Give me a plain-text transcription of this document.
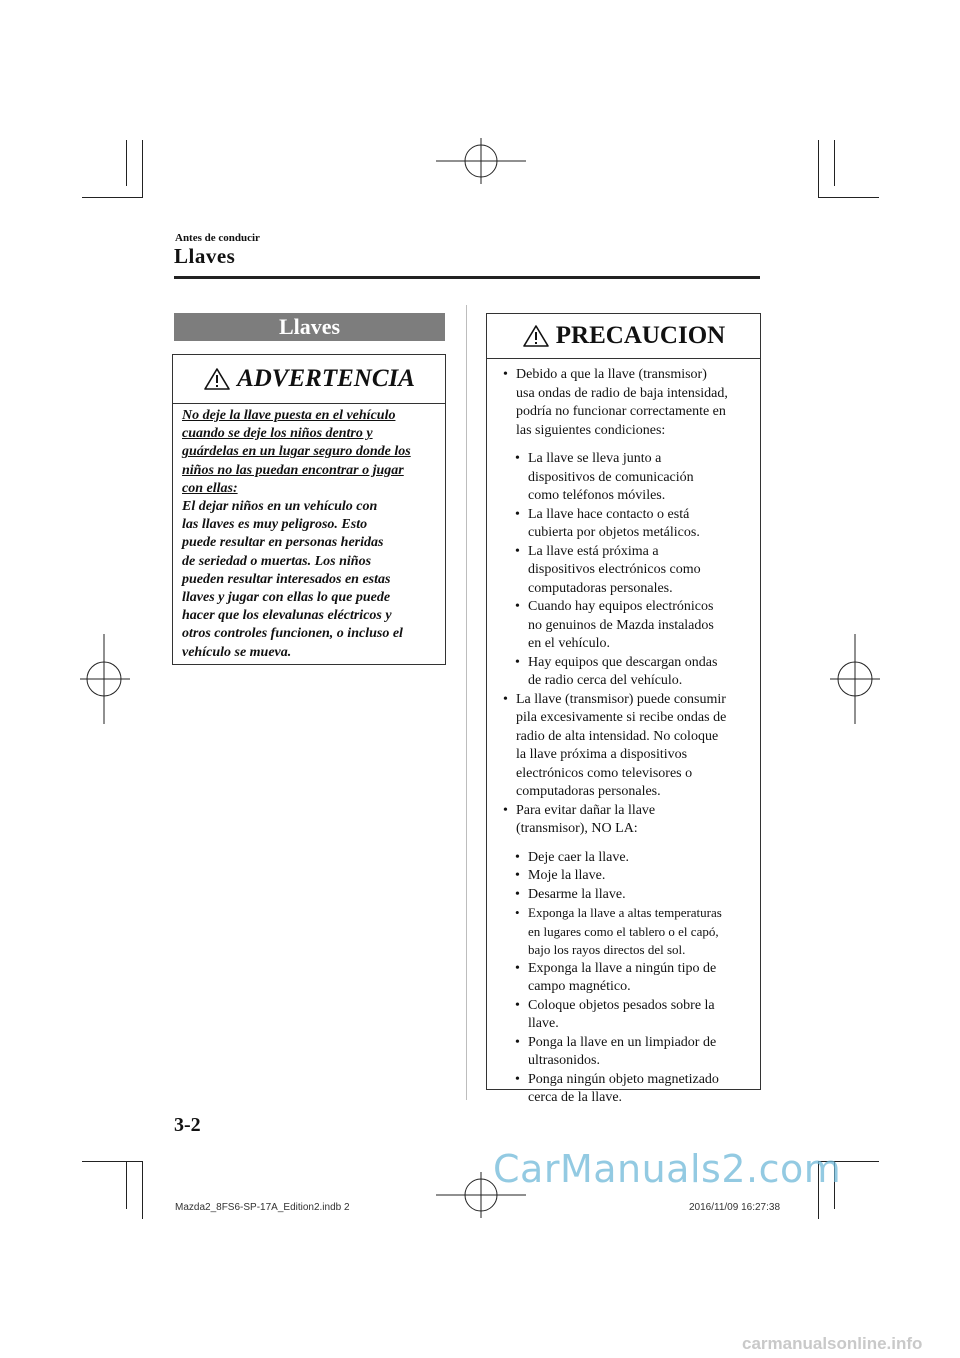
Antes de conducir
Llaves
Llaves
ADVERTENCIA
No deje la llave puesta en el vehículo
cuando se deje los niños dentro y
guárdelas en un lugar seguro donde los
niños no las puedan encontrar o jugar
con ellas:
El dejar niños en un vehículo con
las llaves es muy peligroso. Esto
puede resultar en personas heridas
de seriedad o muertas. Los niños
pueden resultar interesados en estas
llaves y jugar con ellas lo que puede
hacer que los elevalunas eléctricos y
otros controles funcionen, o incluso el
vehículo se mueva.
PRECAUCION
• Debido a que la llave (transmisor)
usa ondas de radio de baja intensidad,
podría no funcionar correctamente en
las siguientes condiciones:
• La llave se lleva junto a
dispositivos de comunicación
como teléfonos móviles.
• La llave hace contacto o está
cubierta por objetos metálicos.
• La llave está próxima a
dispositivos electrónicos como
computadoras personales.
• Cuando hay equipos electrónicos
no genuinos de Mazda instalados
en el vehículo.
• Hay equipos que descargan ondas
de radio cerca del vehículo.
• La llave (transmisor) puede consumir
pila excesivamente si recibe ondas de
radio de alta intensidad. No coloque
la llave próxima a dispositivos
electrónicos como televisores o
computadoras personales.
• Para evitar dañar la llave
(transmisor), NO LA:
• Deje caer la llave.
• Moje la llave.
• Desarme la llave.
• Exponga la llave a altas temperaturas
en lugares como el tablero o el capó,
bajo los rayos directos del sol.
• Exponga la llave a ningún tipo de
campo magnético.
• Coloque objetos pesados sobre la
llave.
• Ponga la llave en un limpiador de
ultrasonidos.
• Ponga ningún objeto magnetizado
cerca de la llave.
3-2
CarManuals2.com
Mazda2_8FS6-SP-17A_Edition2.indb 2	2016/11/09 16:27:38
carmanualsonline.info
